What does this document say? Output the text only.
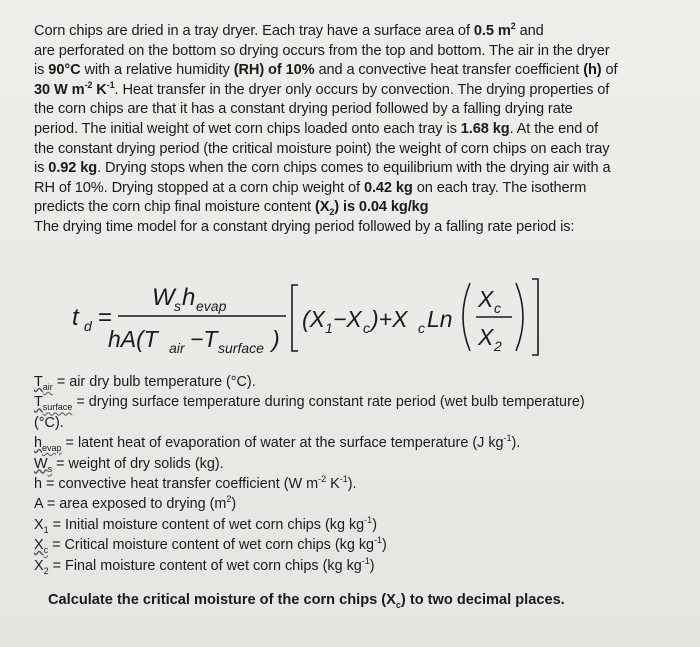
Corn chips are dried in a tray dryer. Each tray have a surface area of 0.5 $m^2$ and
are perforated on the bottom so drying occurs from the top and bottom. The air in the dryer
is 90°C with a relative humidity (RH) of 10% and a convective heat transfer coefficient (h) of
30 W $m^{-2}$ $K^{-1}$. Heat transfer in the dryer only occurs by convection. The drying properties of
the corn chips are that it has a constant drying period followed by a falling drying rate
period. The initial weight of wet corn chips loaded onto each tray is 1.68 kg. At the end of
the constant drying period (the critical moisture point) the weight of corn chips on each tray
is 0.92 kg. Drying stops when the corn chips comes to equilibrium with the drying air with a
RH of 10%. Drying stopped at a corn chip weight of 0.42 kg on each tray. The isotherm
predicts the corn chip final moisture content $(X_2)$ is 0.04 kg/kg
The drying time model for a constant drying period followed by a falling rate period is:
t d =
W s h evap
hA(T air −T surface )
(X 1 −X c )+X c Ln
X c
X 2
$T_{air}$ = air dry bulb temperature (°C).
$T_{surface}$ = drying surface temperature during constant rate period (wet bulb temperature)
(°C).
$h_{evap}$ = latent heat of evaporation of water at the surface temperature (J $kg^{-1}$).
$W_s$ = weight of dry solids (kg).
h = convective heat transfer coefficient (W $m^{-2}$ $K^{-1}$).
A = area exposed to drying $(m^2)$
$X_1$ = Initial moisture content of wet corn chips (kg $kg^{-1}$)
$X_c$ = Critical moisture content of wet corn chips (kg $kg^{-1}$)
$X_2$ = Final moisture content of wet corn chips (kg $kg^{-1}$)
Calculate the critical moisture of the corn chips $(X_c)$ to two decimal places.
